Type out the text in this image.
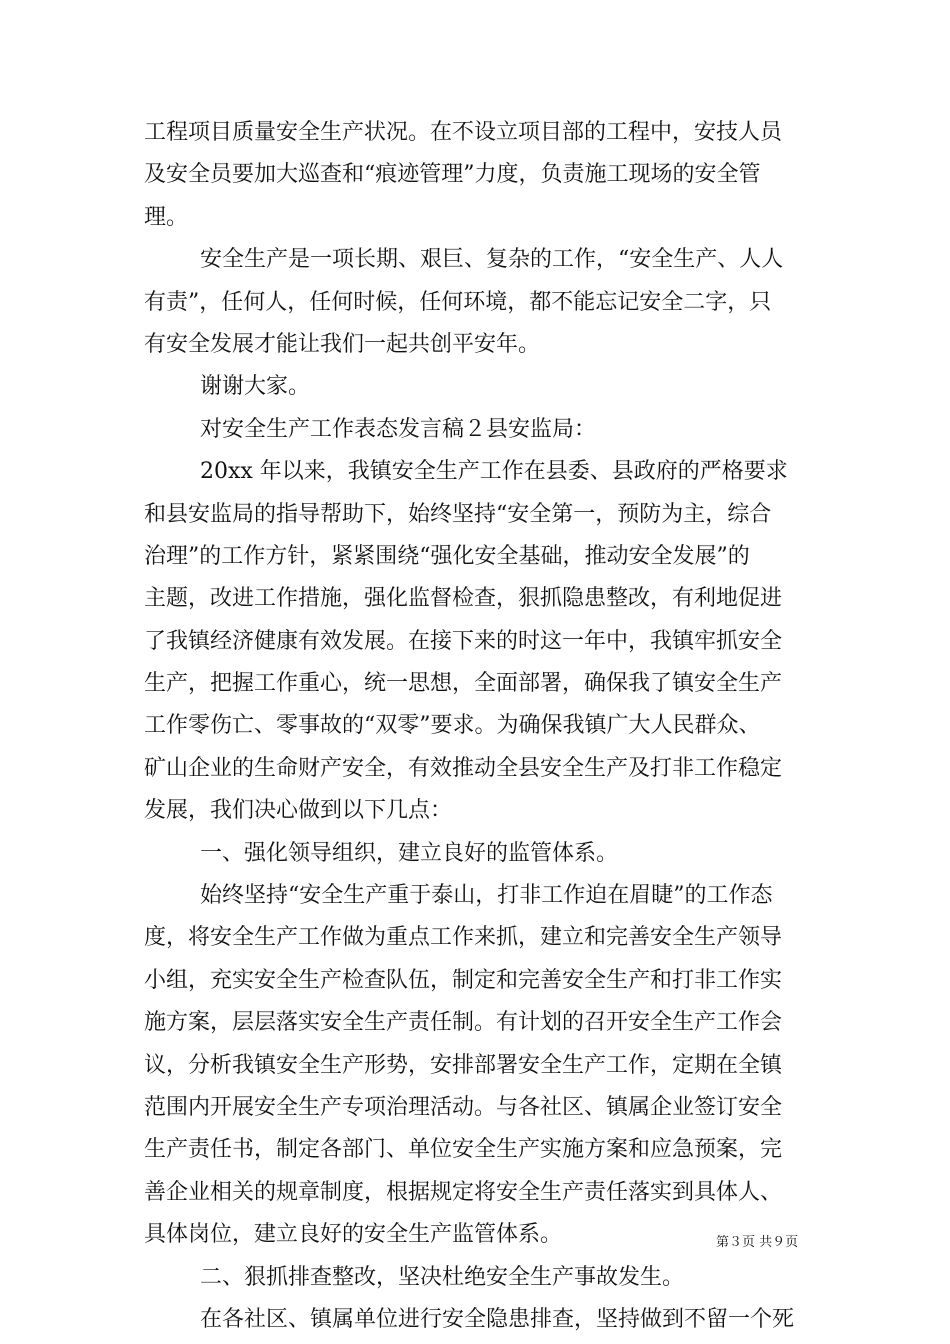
工程项目质量安全生产状况。在不设立项目部的工程中，安技人员
及安全员要加大巡查和“痕迹管理”力度，负责施工现场的安全管
理。
安全生产是一项长期、艰巨、复杂的工作，“安全生产、人人
有责”，任何人，任何时候，任何环境，都不能忘记安全二字，只
有安全发展才能让我们一起共创平安年。
谢谢大家。
对安全生产工作表态发言稿２县安监局：
20xx 年以来，我镇安全生产工作在县委、县政府的严格要求
和县安监局的指导帮助下，始终坚持“安全第一，预防为主，综合
治理”的工作方针，紧紧围绕“强化安全基础，推动安全发展”的
主题，改进工作措施，强化监督检查，狠抓隐患整改，有利地促进
了我镇经济健康有效发展。在接下来的时这一年中，我镇牢抓安全
生产，把握工作重心，统一思想，全面部署，确保我了镇安全生产
工作零伤亡、零事故的“双零”要求。为确保我镇广大人民群众、
矿山企业的生命财产安全，有效推动全县安全生产及打非工作稳定
发展，我们决心做到以下几点：
一、强化领导组织，建立良好的监管体系。
始终坚持“安全生产重于泰山，打非工作迫在眉睫”的工作态
度，将安全生产工作做为重点工作来抓，建立和完善安全生产领导
小组，充实安全生产检查队伍，制定和完善安全生产和打非工作实
施方案，层层落实安全生产责任制。有计划的召开安全生产工作会
议，分析我镇安全生产形势，安排部署安全生产工作，定期在全镇
范围内开展安全生产专项治理活动。与各社区、镇属企业签订安全
生产责任书，制定各部门、单位安全生产实施方案和应急预案，完
善企业相关的规章制度，根据规定将安全生产责任落实到具体人、
具体岗位，建立良好的安全生产监管体系。
二、狠抓排查整改，坚决杜绝安全生产事故发生。
在各社区、镇属单位进行安全隐患排查，坚持做到不留一个死
第３页 共９页
